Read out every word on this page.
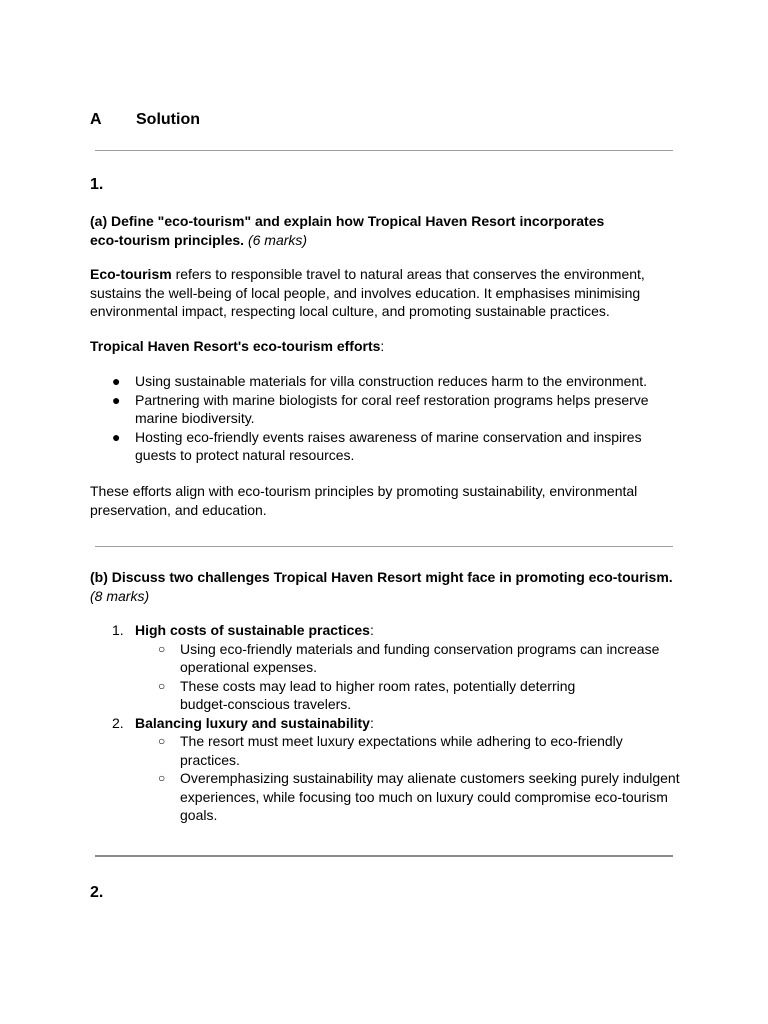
A Solution
1.
(a) Define "eco-tourism" and explain how Tropical Haven Resort incorporates eco-tourism principles. (6 marks)
Eco-tourism refers to responsible travel to natural areas that conserves the environment, sustains the well-being of local people, and involves education. It emphasises minimising environmental impact, respecting local culture, and promoting sustainable practices.
Tropical Haven Resort's eco-tourism efforts:
● Using sustainable materials for villa construction reduces harm to the environment.
● Partnering with marine biologists for coral reef restoration programs helps preserve marine biodiversity.
● Hosting eco-friendly events raises awareness of marine conservation and inspires guests to protect natural resources.
These efforts align with eco-tourism principles by promoting sustainability, environmental preservation, and education.
(b) Discuss two challenges Tropical Haven Resort might face in promoting eco-tourism. (8 marks)
1. High costs of sustainable practices:
○ Using eco-friendly materials and funding conservation programs can increase operational expenses.
○ These costs may lead to higher room rates, potentially deterring budget-conscious travelers.
2. Balancing luxury and sustainability:
○ The resort must meet luxury expectations while adhering to eco-friendly practices.
○ Overemphasizing sustainability may alienate customers seeking purely indulgent experiences, while focusing too much on luxury could compromise eco-tourism goals.
2.
